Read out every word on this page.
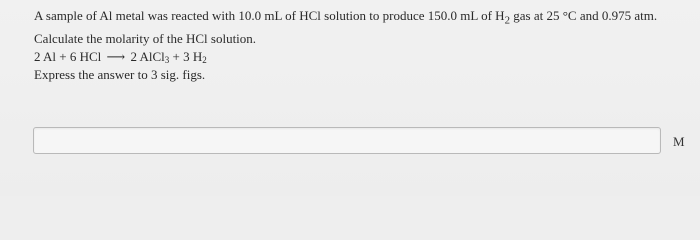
A sample of Al metal was reacted with 10.0 mL of HCl solution to produce 150.0 mL of $H_2$ gas at 25 °C and 0.975 atm.
Calculate the molarity of the HCl solution.
2 Al + 6 HCl ⟶ 2 AlCl$_3$ + 3 $H_2$
Express the answer to 3 sig. figs.
M
